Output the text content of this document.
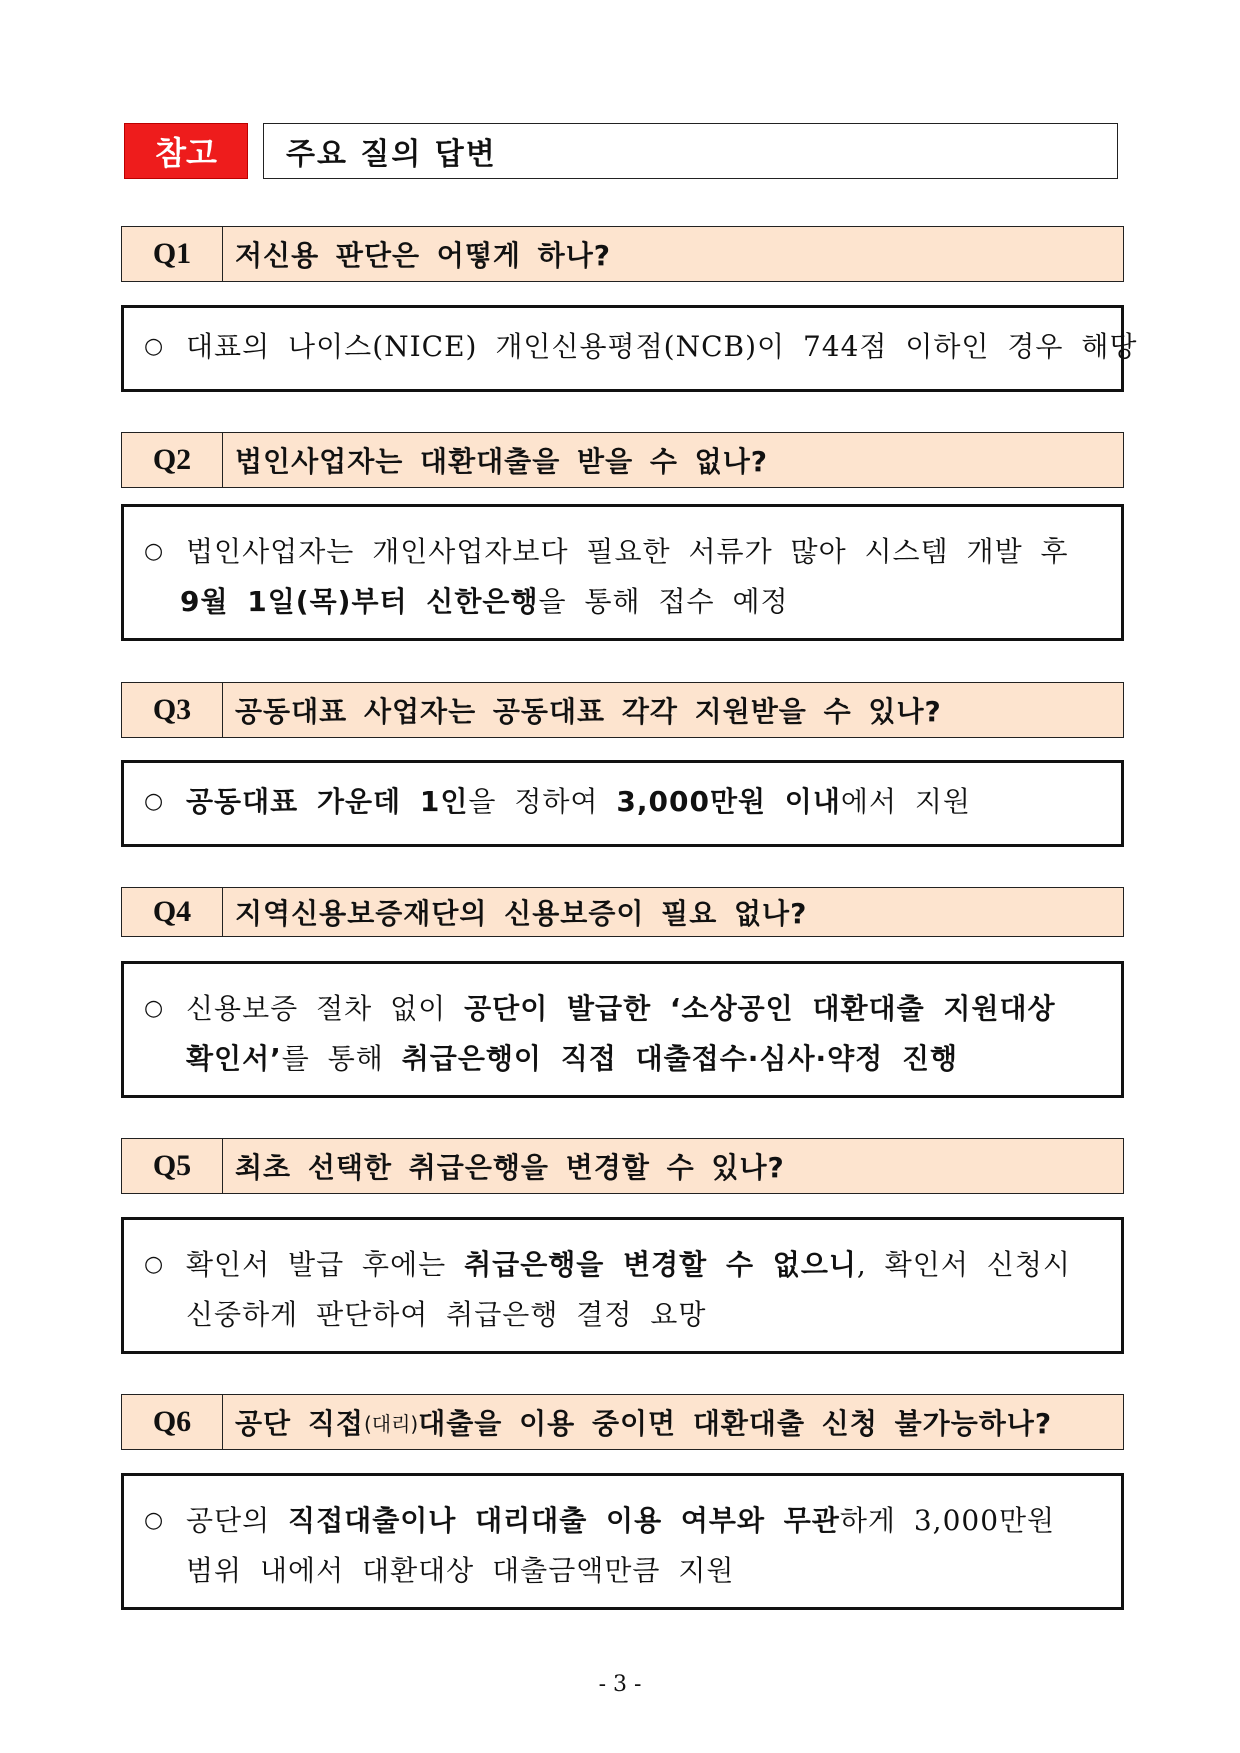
참고	주요 질의 답변
Q1	저신용 판단은 어떻게 하나?
○ 대표의 나이스(NICE) 개인신용평점(NCB)이 744점 이하인 경우 해당
Q2	법인사업자는 대환대출을 받을 수 없나?
○ 법인사업자는 개인사업자보다 필요한 서류가 많아 시스템 개발 후
9월 1일(목)부터 신한은행을 통해 접수 예정
Q3	공동대표 사업자는 공동대표 각각 지원받을 수 있나?
○ 공동대표 가운데 1인을 정하여 3,000만원 이내에서 지원
Q4	지역신용보증재단의 신용보증이 필요 없나?
○ 신용보증 절차 없이 공단이 발급한 ‘소상공인 대환대출 지원대상
확인서’를 통해 취급은행이 직접 대출접수·심사·약정 진행
Q5	최초 선택한 취급은행을 변경할 수 있나?
○ 확인서 발급 후에는 취급은행을 변경할 수 없으니, 확인서 신청시
신중하게 판단하여 취급은행 결정 요망
Q6	공단 직접 (대리) 대출을 이용 중이면 대환대출 신청 불가능하나?
○ 공단의 직접대출이나 대리대출 이용 여부와 무관하게 3,000만원
범위 내에서 대환대상 대출금액만큼 지원
- 3 -
